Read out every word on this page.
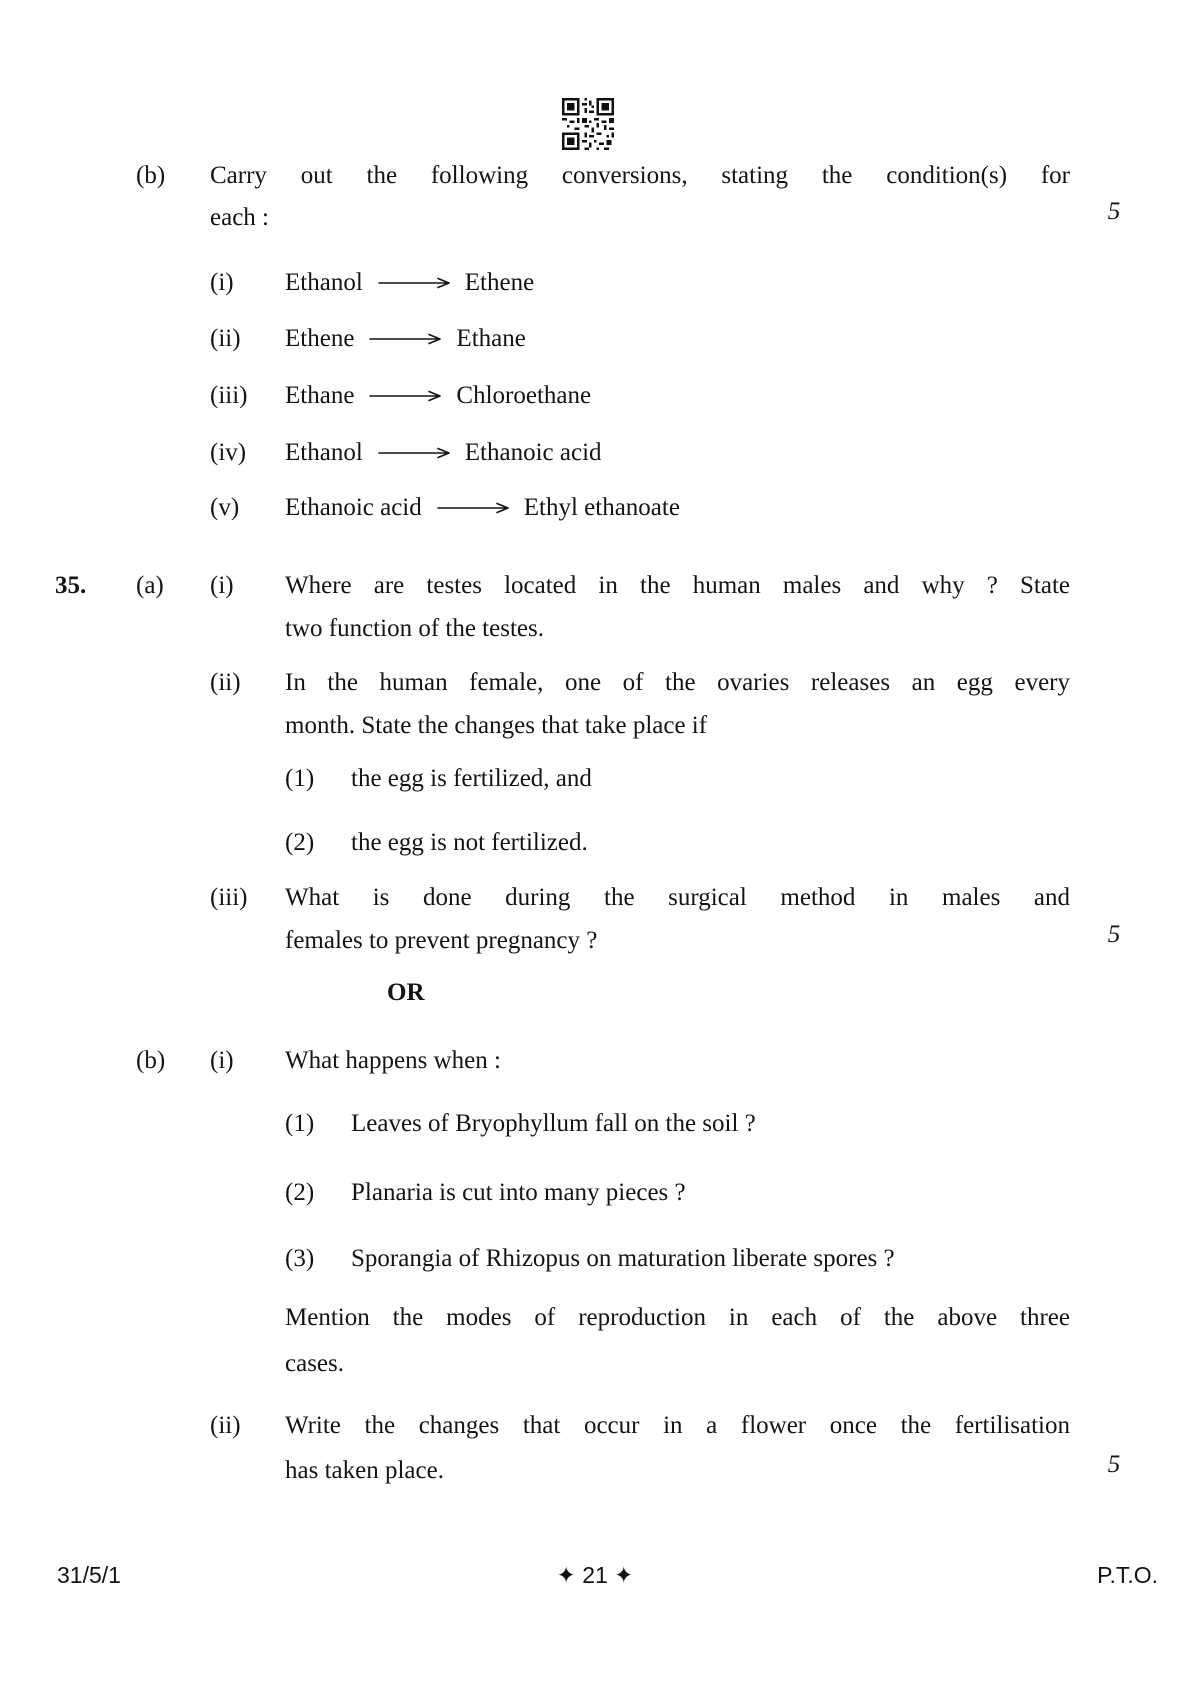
(b) Carry out the following conversions, stating the condition(s) for
each :	5
(i) Ethanol	Ethene
(ii) Ethene	Ethane
(iii) Ethane	Chloroethane
(iv) Ethanol	Ethanoic acid
(v) Ethanoic acid	Ethyl ethanoate
35. (a) (i) Where are testes located in the human males and why ? State
two function of the testes.
(ii) In the human female, one of the ovaries releases an egg every
month. State the changes that take place if
(1) the egg is fertilized, and
(2) the egg is not fertilized.
(iii) What is done during the surgical method in males and
females to prevent pregnancy ?	5
OR
(b) (i) What happens when :
(1) Leaves of Bryophyllum fall on the soil ?
(2) Planaria is cut into many pieces ?
(3) Sporangia of Rhizopus on maturation liberate spores ?
Mention the modes of reproduction in each of the above three
cases.
(ii) Write the changes that occur in a flower once the fertilisation
has taken place.	5
31/5/1	✦ 21 ✦	P.T.O.
